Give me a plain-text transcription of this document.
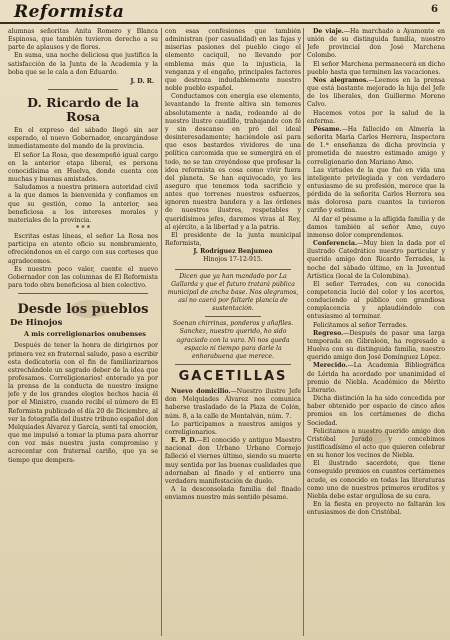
Reformista	6

alumnas señoritas Anita Romero y Blanca Espinosa, que también tuvieron derecho a su parte de aplausos y de flores.

En suma, una noche deliciosa que justifica la satisfacción de la Junta de la Academia y la boba que se le cala a don Eduardo.

J. D. R.

D. Ricardo de la Rosa

En el expreso del sábado llegó sin ser esperado, el nuevo Gobernador, encargándose inmediatamente del mando de la provincia.

El señor La Rosa, que desempeñó igual cargo en la anterior etapa liberal, es persona conocidísima en Huelva, donde cuenta con muchas y buenas amistades.

Saludamos a nuestra primera autoridad civil a la que damos la bienvenida y confiamos en que su gestión, como la anterior, sea beneficiosa a los intereses morales y materiales de la provincia.

* * *

Escritas estas líneas, el señor La Rosa nos participa en atento oficio su nombramiento, ofreciéndonos en el cargo con sus corteses que agradecemos.

Es nuestro poco valer, cuente el nuevo Gobernador con las columnas de El Reformista para todo obra beneficiosa al bien colectivo.

Desde los pueblos
De Hinojos
A mis correligionarios onubenses

Después de tener la honra de dirigirnos por primera vez en fraternal saludo, paso a escribir esta dedicatoria con el fin de familiarizarnos estrechándole un sagrado deber de la idea que profesamos. Correligionarios! enterado ya por la prensa de la conducta de nuestro insigne jefe y de los grandes elogios hechos hacia él por el Ministro, cuando recibí el número de El Reformista publicado el día 20 de Diciembre, al ver la fotografía del ilustre tribuno español don Melquiades Álvarez y García, sentí tal emoción, que me impulsó a tomar la pluma para ahorrar con voz más nuestra justa compromiso y acrecentar con fraternal cariño, que ya se tiempo que dempera-

con esas confesiones que también administran (por casualidad) en las fajas y miserias pasiones del pueblo ciego el elemento caciquil, no llevando por emblema más que la injusticia, la venganza y el engaño, principales factores que destroza indudablemente nuestro noble pueblo español.

Conductamos con energía ese elemento, levantando la frente altiva sin temores absolutamente a nada, rodeando al de nuestro ilustre caudillo, trabajando con fé y sin descanso en pró del ideal desinteresadamente; haciéndole así para que esos bastardos vividores de una política carcomida que se sumergirá en el todo, no se tan creyéndose que profesar la idea reformista es cosa como vivir fuera del planeta. Se han equivocado, yo les aseguro que tenemos toda sacrificio y antes que torrenes nuestros esfuerzos, ignoren nuestra bandera y a las órdenes de nuestros ilustres, respetables y queridísimos jefes, daremos vivas al Rey, al ejército, a la libertad y a la patria.

El presidente de la junta municipal Reformista,

J. Rodríguez Benjumea

Hinojos 17-12-915.

Dicen que ya han mandado por La Gallarda y que el futuro tratará pública municipal de ancha base. Nos alegramos, así no caerá por faltarle plancía de sustentación.

Soenan chirrinas, ponderos y añafiles. Sanchez, nuestro querido, ho sido agraciado con la vara. Ni nos queda espacio ni tiempo para darle la enhorabuena que merece.

GACETILLAS

Nuevo domicilio.—Nuestro ilustre Jefe don Melquiades Álvarez nos comunica haberse trasladado de la Plaza de Colón, núm. 8, a la calle de Montalván, núm. 7.

Lo participamos a nuestros amigos y correligionarios.

E. P. D.—El conocido y antiguo Maestro nacional don Urbano Urbano Cornejo falleció el viernes último, siendo su muerte muy sentida por las buenas cualidades que adornaban al finado y el entierro una verdadera manifestación de duelo.

A la desconsolada familia del finado enviamos nuestro más sentido pésame.

De viaje.—Ha marchado a Ayamonte en unión de su distinguida familia, nuestro Jefe provincial don José Marchena Colombo.

El señor Marchena permanecerá en dicho pueblo hasta que terminen las vacaciones.

Nos alegramos.—Leemos en la prensa que está bastante mejorado la hija del Jefe de los liberales, don Guillermo Moreno Calvo.

Hacemos votos por la salud de la enferma.

Pésame.—Ha fallecido en Almería la señorita María Carlos Herrera, Inspectora de 1.ª enseñanza de dicha provincia y prometida de nuestro estimado amigo y correligionario don Mariano Amo.

Las virtudes de la que fué en vida una inteligente privilegiada y con verdadero entusiasmo de su profesión, merece que la pérdida de la señorita Carlos Herrera sea más dolorosa para cuantos la tuvieron cariño y estima.

Al dar el pésame a la afligida familia y de damos también al señor Amo, cuyo inmenso dolor comprendemos.

Conferencia.—Muy bien la dada por el ilustrado Catedrático nuestro particular y querido amigo don Ricardo Terrades, la noche del sábado último, en la Juventud Artística (local de la Colombina).

El señor Terrades, con su conocida competencia lució del color y los acertos, conduciendo al público con grandiosa complacencia y aplaudiéndolo con entusiasmo al terminar.

Felicitamos al señor Terrades.

Regreso.—Después de pasar una larga temporada en Gibraleón, ha regresado a Huelva con su distinguida familia, nuestro querido amigo don José Domínguez López.

Merecido.—La Academia Bibliográfica de Lérida ha acordado por unanimidad el premio de Niebla. Académico de Mérito Literario.

Dicha distinción la ha sido concedida por haber obtenido por espacio de cinco años premios en los certámenes de dicha Sociedad.

Felicitamos a nuestro querido amigo don Cristóbal Jurado y concebimos justificadísimo el acto que quieren celebrar en su honor los vecinos de Niebla.

El ilustrado sacerdote, que tiene conseguido premios en cuantos certámenes acude, es conocido en todas las literaturas como uno de nuestros primeros eruditos y Niebla debe estar orgullosa de su cura.

En la fiesta en proyecto no faltarán los entusiasmos de don Cristóbal.
